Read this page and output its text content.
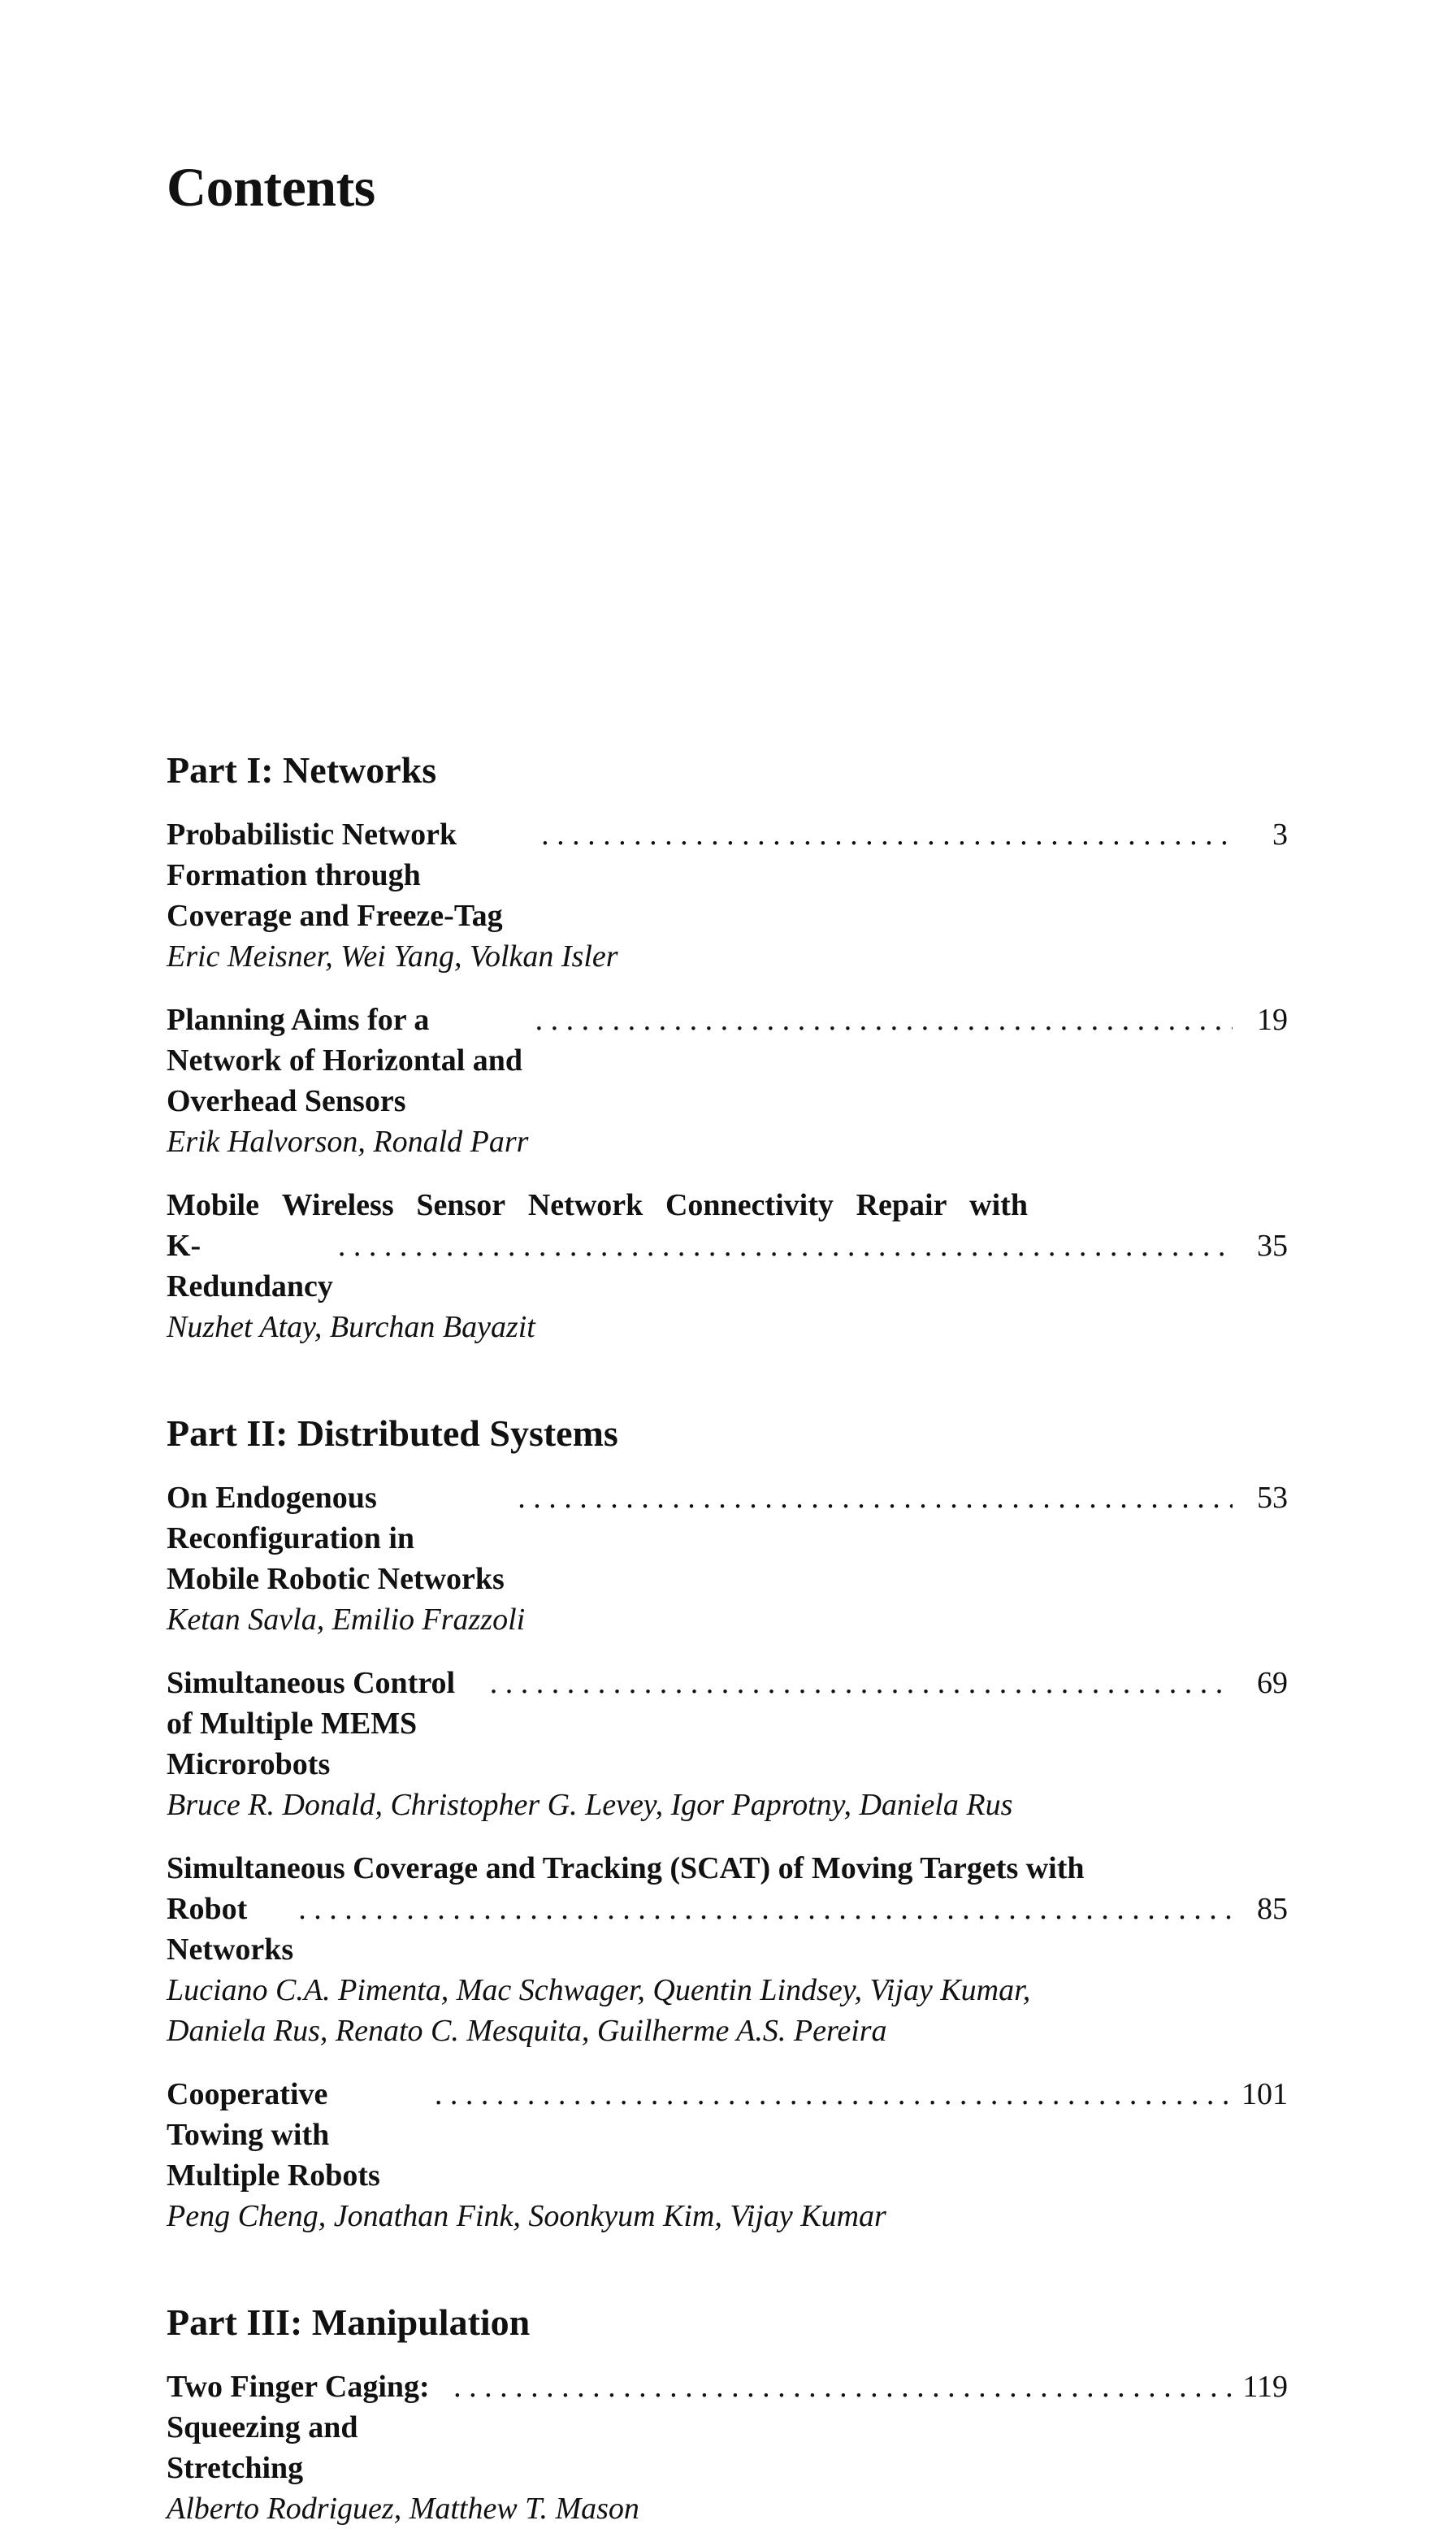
Contents
Part I: Networks
Probabilistic Network Formation through Coverage and Freeze-Tag
. . .
3
Eric Meisner, Wei Yang, Volkan Isler
Planning Aims for a Network of Horizontal and Overhead Sensors
. . .
19
Erik Halvorson, Ronald Parr
Mobile Wireless Sensor Network Connectivity Repair with
K-Redundancy
. . .
35
Nuzhet Atay, Burchan Bayazit
Part II: Distributed Systems
On Endogenous Reconfiguration in Mobile Robotic Networks
. . .
53
Ketan Savla, Emilio Frazzoli
Simultaneous Control of Multiple MEMS Microrobots
. . .
69
Bruce R. Donald, Christopher G. Levey, Igor Paprotny, Daniela Rus
Simultaneous Coverage and Tracking (SCAT) of Moving Targets with
Robot Networks
. . .
85
Luciano C.A. Pimenta, Mac Schwager, Quentin Lindsey, Vijay Kumar,
Daniela Rus, Renato C. Mesquita, Guilherme A.S. Pereira
Cooperative Towing with Multiple Robots
. . .
101
Peng Cheng, Jonathan Fink, Soonkyum Kim, Vijay Kumar
Part III: Manipulation
Two Finger Caging: Squeezing and Stretching
. . .
119
Alberto Rodriguez, Matthew T. Mason
